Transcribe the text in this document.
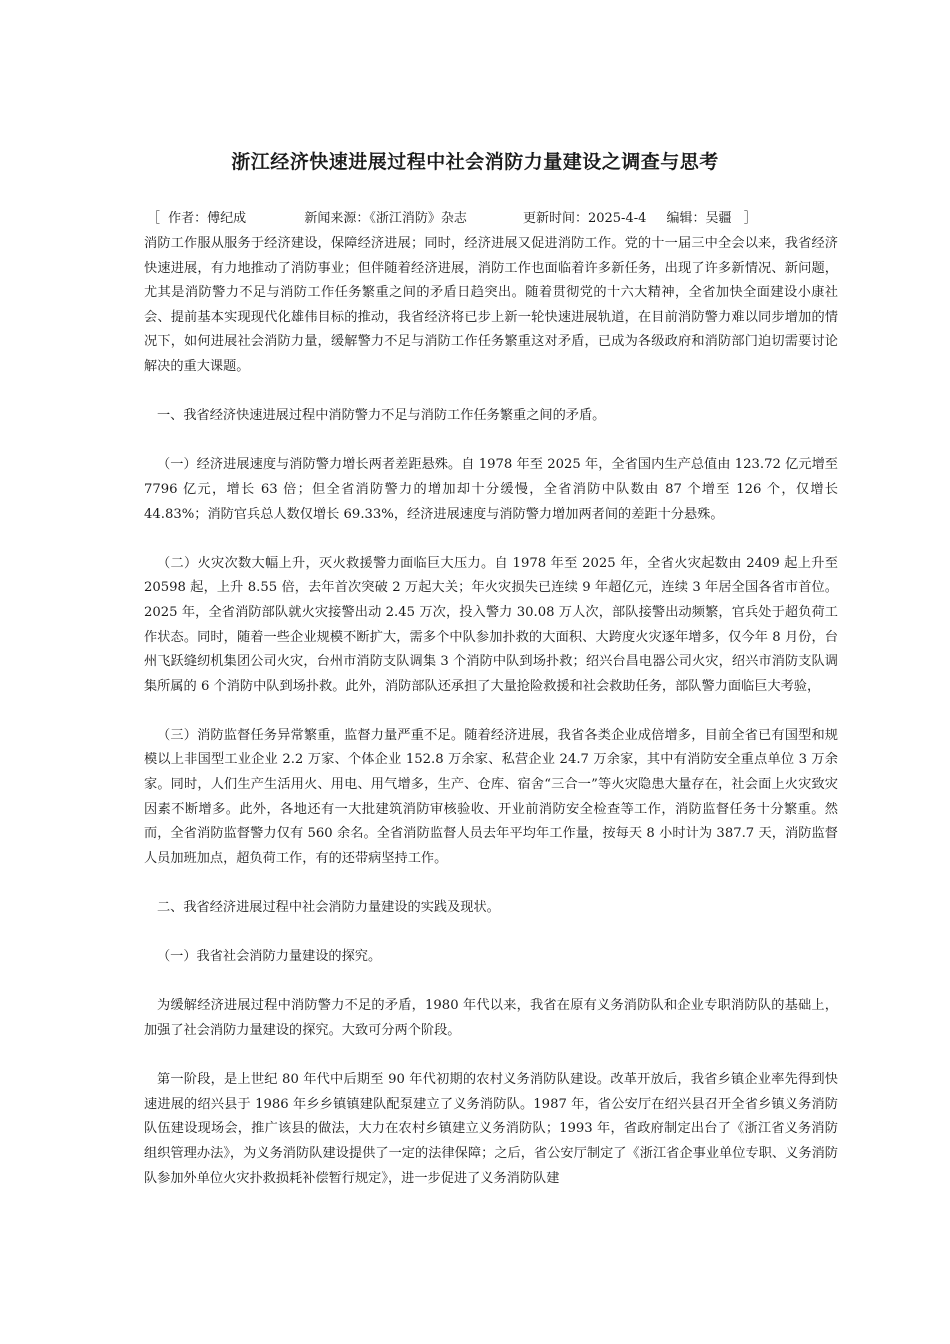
浙江经济快速进展过程中社会消防力量建设之调查与思考
［ 作者：傅纪成	新闻来源：《浙江消防》杂志	更新时间：2025-4-4 编辑：吴疆 ］

消防工作服从服务于经济建设，保障经济进展；同时，经济进展又促进消防工作。党的十一届三中全会以来，我省经济快速进展，有力地推动了消防事业；但伴随着经济进展，消防工作也面临着许多新任务，出现了许多新情况、新问题，尤其是消防警力不足与消防工作任务繁重之间的矛盾日趋突出。随着贯彻党的十六大精神，全省加快全面建设小康社会、提前基本实现现代化雄伟目标的推动，我省经济将已步上新一轮快速进展轨道，在目前消防警力难以同步增加的情况下，如何进展社会消防力量，缓解警力不足与消防工作任务繁重这对矛盾，已成为各级政府和消防部门迫切需要讨论解决的重大课题。

一、我省经济快速进展过程中消防警力不足与消防工作任务繁重之间的矛盾。

（一）经济进展速度与消防警力增长两者差距悬殊。自 1978 年至 2025 年，全省国内生产总值由 123.72 亿元增至 7796 亿元，增长 63 倍；但全省消防警力的增加却十分缓慢，全省消防中队数由 87 个增至 126 个，仅增长 44.83%；消防官兵总人数仅增长 69.33%，经济进展速度与消防警力增加两者间的差距十分悬殊。

（二）火灾次数大幅上升，灭火救援警力面临巨大压力。自 1978 年至 2025 年，全省火灾起数由 2409 起上升至 20598 起，上升 8.55 倍，去年首次突破 2 万起大关；年火灾损失已连续 9 年超亿元，连续 3 年居全国各省市首位。2025 年，全省消防部队就火灾接警出动 2.45 万次，投入警力 30.08 万人次，部队接警出动频繁，官兵处于超负荷工作状态。同时，随着一些企业规模不断扩大，需多个中队参加扑救的大面积、大跨度火灾逐年增多，仅今年 8 月份，台州飞跃缝纫机集团公司火灾，台州市消防支队调集 3 个消防中队到场扑救；绍兴台昌电器公司火灾，绍兴市消防支队调集所属的 6 个消防中队到场扑救。此外，消防部队还承担了大量抢险救援和社会救助任务，部队警力面临巨大考验，

（三）消防监督任务异常繁重，监督力量严重不足。随着经济进展，我省各类企业成倍增多，目前全省已有国型和规模以上非国型工业企业 2.2 万家、个体企业 152.8 万余家、私营企业 24.7 万余家，其中有消防安全重点单位 3 万余家。同时，人们生产生活用火、用电、用气增多，生产、仓库、宿舍“三合一”等火灾隐患大量存在，社会面上火灾致灾因素不断增多。此外，各地还有一大批建筑消防审核验收、开业前消防安全检查等工作，消防监督任务十分繁重。然而，全省消防监督警力仅有 560 余名。全省消防监督人员去年平均年工作量，按每天 8 小时计为 387.7 天，消防监督人员加班加点，超负荷工作，有的还带病坚持工作。

二、我省经济进展过程中社会消防力量建设的实践及现状。

（一）我省社会消防力量建设的探究。

为缓解经济进展过程中消防警力不足的矛盾，1980 年代以来，我省在原有义务消防队和企业专职消防队的基础上，加强了社会消防力量建设的探究。大致可分两个阶段。

第一阶段，是上世纪 80 年代中后期至 90 年代初期的农村义务消防队建设。改革开放后，我省乡镇企业率先得到快速进展的绍兴县于 1986 年乡乡镇镇建队配泵建立了义务消防队。1987 年，省公安厅在绍兴县召开全省乡镇义务消防队伍建设现场会，推广该县的做法，大力在农村乡镇建立义务消防队；1993 年，省政府制定出台了《浙江省义务消防组织管理办法》，为义务消防队建设提供了一定的法律保障；之后，省公安厅制定了《浙江省企事业单位专职、义务消防队参加外单位火灾扑救损耗补偿暂行规定》，进一步促进了义务消防队建
